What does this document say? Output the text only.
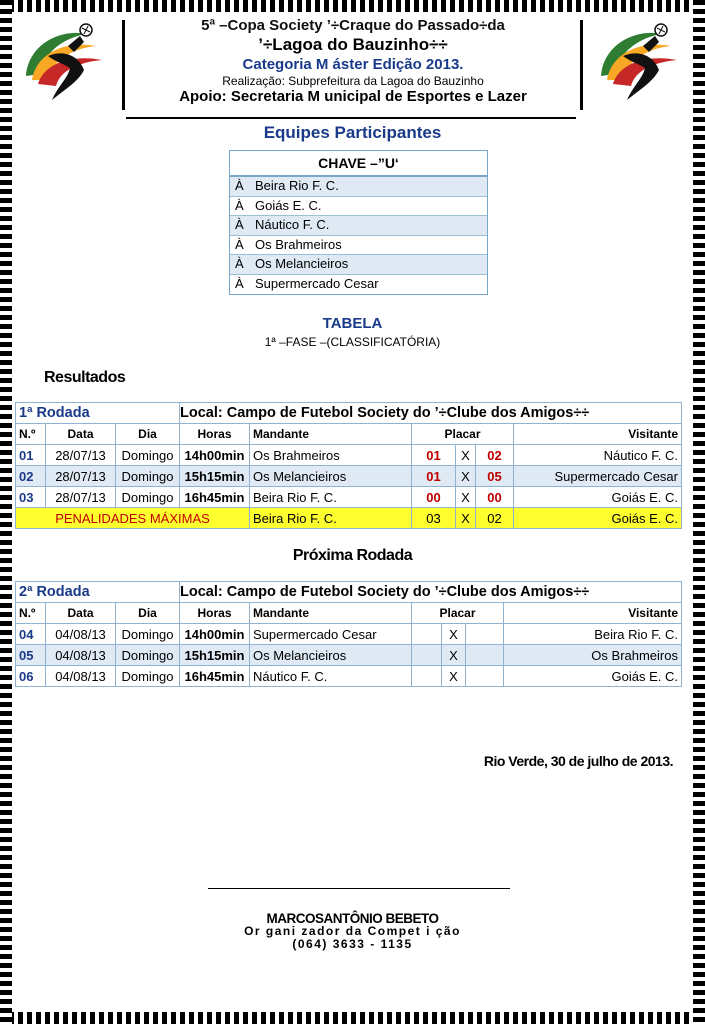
5ª –Copa Society ’÷Craque do Passado÷da
’÷Lagoa do Bauzinho÷÷
Categoria M áster Edição 2013.
Realização: Subprefeitura da Lagoa do Bauzinho
Apoio: Secretaria M unicipal de Esportes e Lazer
Equipes Participantes
CHAVE –”U‘
À Beira Rio F. C.
À Goiás E. C.
À Náutico F. C.
À Os Brahmeiros
À Os Melancieiros
À Supermercado Cesar
TABELA
1ª –FASE –(CLASSIFICATÓRIA)
Resultados
1ª Rodada			Local: Campo de Futebol Society do ’÷Clube dos Amigos÷÷					
N.º	Data	Dia	Horas	Mandante	Placar			Visitante
01	28/07/13	Domingo	14h00min	Os Brahmeiros	01	X	02	Náutico F. C.
02	28/07/13	Domingo	15h15min	Os Melancieiros	01	X	05	Supermercado Cesar
03	28/07/13	Domingo	16h45min	Beira Rio F. C.	00	X	00	Goiás E. C.
PENALIDADES MÁXIMAS				Beira Rio F. C.	03	X	02	Goiás E. C.
Próxima Rodada
2ª Rodada			Local: Campo de Futebol Society do ’÷Clube dos Amigos÷÷					
N.º	Data	Dia	Horas	Mandante	Placar			Visitante
04	04/08/13	Domingo	14h00min	Supermercado Cesar		X		Beira Rio F. C.
05	04/08/13	Domingo	15h15min	Os Melancieiros		X		Os Brahmeiros
06	04/08/13	Domingo	16h45min	Náutico F. C.		X		Goiás E. C.
Rio Verde, 30 de julho de 2013.
MARCOSANTÔNIO BEBETO
Or gani zador da Compet i ção
(064) 3633 - 1135
